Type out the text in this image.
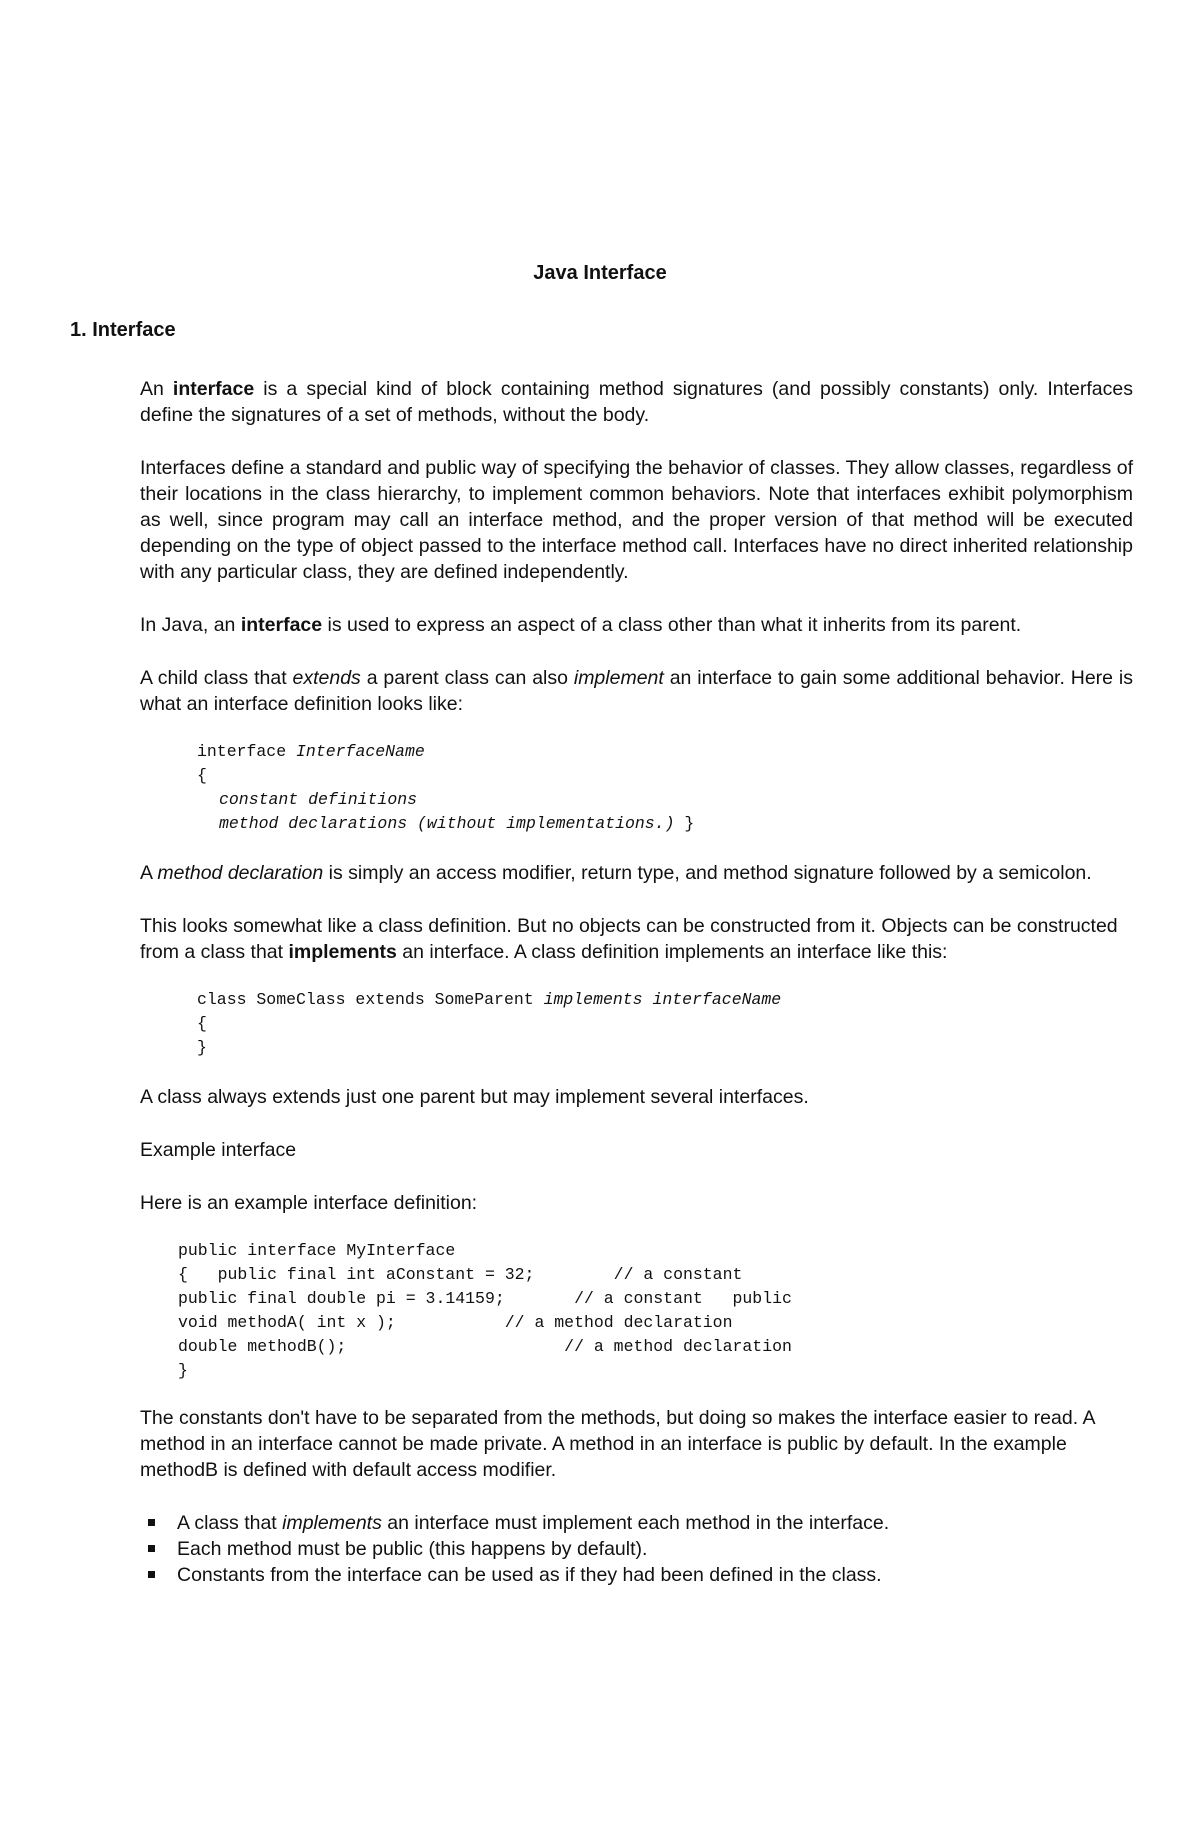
Java Interface
1. Interface

An interface is a special kind of block containing method signatures (and possibly constants) only. Interfaces define the signatures of a set of methods, without the body.

Interfaces define a standard and public way of specifying the behavior of classes. They allow classes, regardless of their locations in the class hierarchy, to implement common behaviors. Note that interfaces exhibit polymorphism as well, since program may call an interface method, and the proper version of that method will be executed depending on the type of object passed to the interface method call. Interfaces have no direct inherited relationship with any particular class, they are defined independently.

In Java, an interface is used to express an aspect of a class other than what it inherits from its parent.

A child class that extends a parent class can also implement an interface to gain some additional behavior. Here is what an interface definition looks like:

interface InterfaceName
{
constant definitions
method declarations (without implementations.) }

A method declaration is simply an access modifier, return type, and method signature followed by a semicolon.

This looks somewhat like a class definition. But no objects can be constructed from it. Objects can be constructed from a class that implements an interface. A class definition implements an interface like this:

class SomeClass extends SomeParent implements interfaceName
{
}

A class always extends just one parent but may implement several interfaces.

Example interface

Here is an example interface definition:

public interface MyInterface
{   public final int aConstant = 32;        // a constant
public final double pi = 3.14159;       // a constant   public
void methodA( int x );           // a method declaration
double methodB();                      // a method declaration
}

The constants don't have to be separated from the methods, but doing so makes the interface easier to read. A method in an interface cannot be made private. A method in an interface is public by default. In the example methodB is defined with default access modifier.

A class that implements an interface must implement each method in the interface.
Each method must be public (this happens by default).
Constants from the interface can be used as if they had been defined in the class.
